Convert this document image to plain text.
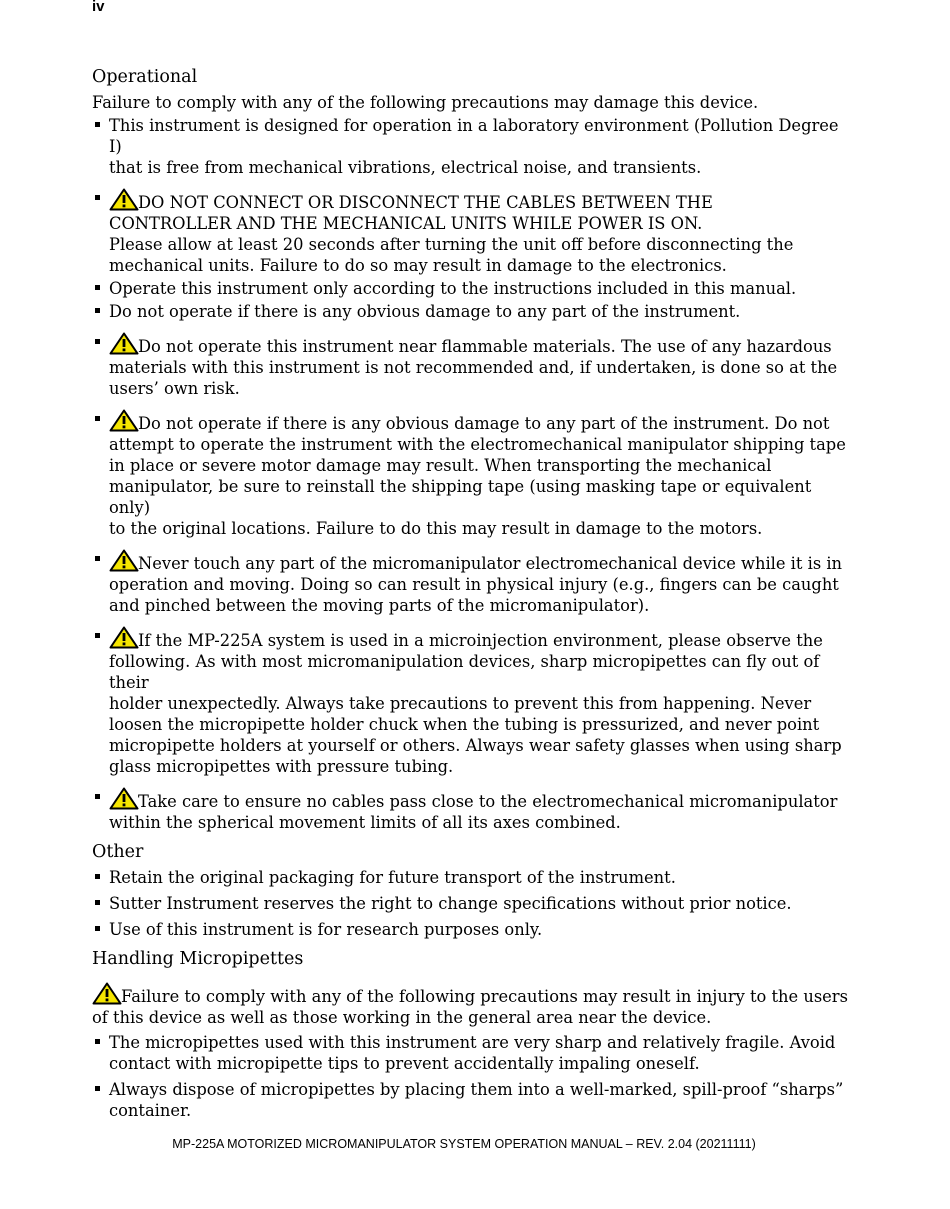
iv
Operational
Failure to comply with any of the following precautions may damage this device.
This instrument is designed for operation in a laboratory environment (Pollution Degree I)
that is free from mechanical vibrations, electrical noise, and transients.
DO NOT CONNECT OR DISCONNECT THE CABLES BETWEEN THE
CONTROLLER AND THE MECHANICAL UNITS WHILE POWER IS ON.
Please allow at least 20 seconds after turning the unit off before disconnecting the
mechanical units. Failure to do so may result in damage to the electronics.
Operate this instrument only according to the instructions included in this manual.
Do not operate if there is any obvious damage to any part of the instrument.
Do not operate this instrument near flammable materials. The use of any hazardous
materials with this instrument is not recommended and, if undertaken, is done so at the
users’ own risk.
Do not operate if there is any obvious damage to any part of the instrument. Do not
attempt to operate the instrument with the electromechanical manipulator shipping tape
in place or severe motor damage may result. When transporting the mechanical
manipulator, be sure to reinstall the shipping tape (using masking tape or equivalent only)
to the original locations. Failure to do this may result in damage to the motors.
Never touch any part of the micromanipulator electromechanical device while it is in
operation and moving. Doing so can result in physical injury (e.g., fingers can be caught
and pinched between the moving parts of the micromanipulator).
If the MP-225A system is used in a microinjection environment, please observe the
following. As with most micromanipulation devices, sharp micropipettes can fly out of their
holder unexpectedly. Always take precautions to prevent this from happening. Never
loosen the micropipette holder chuck when the tubing is pressurized, and never point
micropipette holders at yourself or others. Always wear safety glasses when using sharp
glass micropipettes with pressure tubing.
Take care to ensure no cables pass close to the electromechanical micromanipulator
within the spherical movement limits of all its axes combined.
Other
Retain the original packaging for future transport of the instrument.
Sutter Instrument reserves the right to change specifications without prior notice.
Use of this instrument is for research purposes only.
Handling Micropipettes
Failure to comply with any of the following precautions may result in injury to the users
of this device as well as those working in the general area near the device.
The micropipettes used with this instrument are very sharp and relatively fragile. Avoid
contact with micropipette tips to prevent accidentally impaling oneself.
Always dispose of micropipettes by placing them into a well-marked, spill-proof “sharps”
container.
MP-225A MOTORIZED MICROMANIPULATOR SYSTEM OPERATION MANUAL – REV. 2.04 (20211111)
